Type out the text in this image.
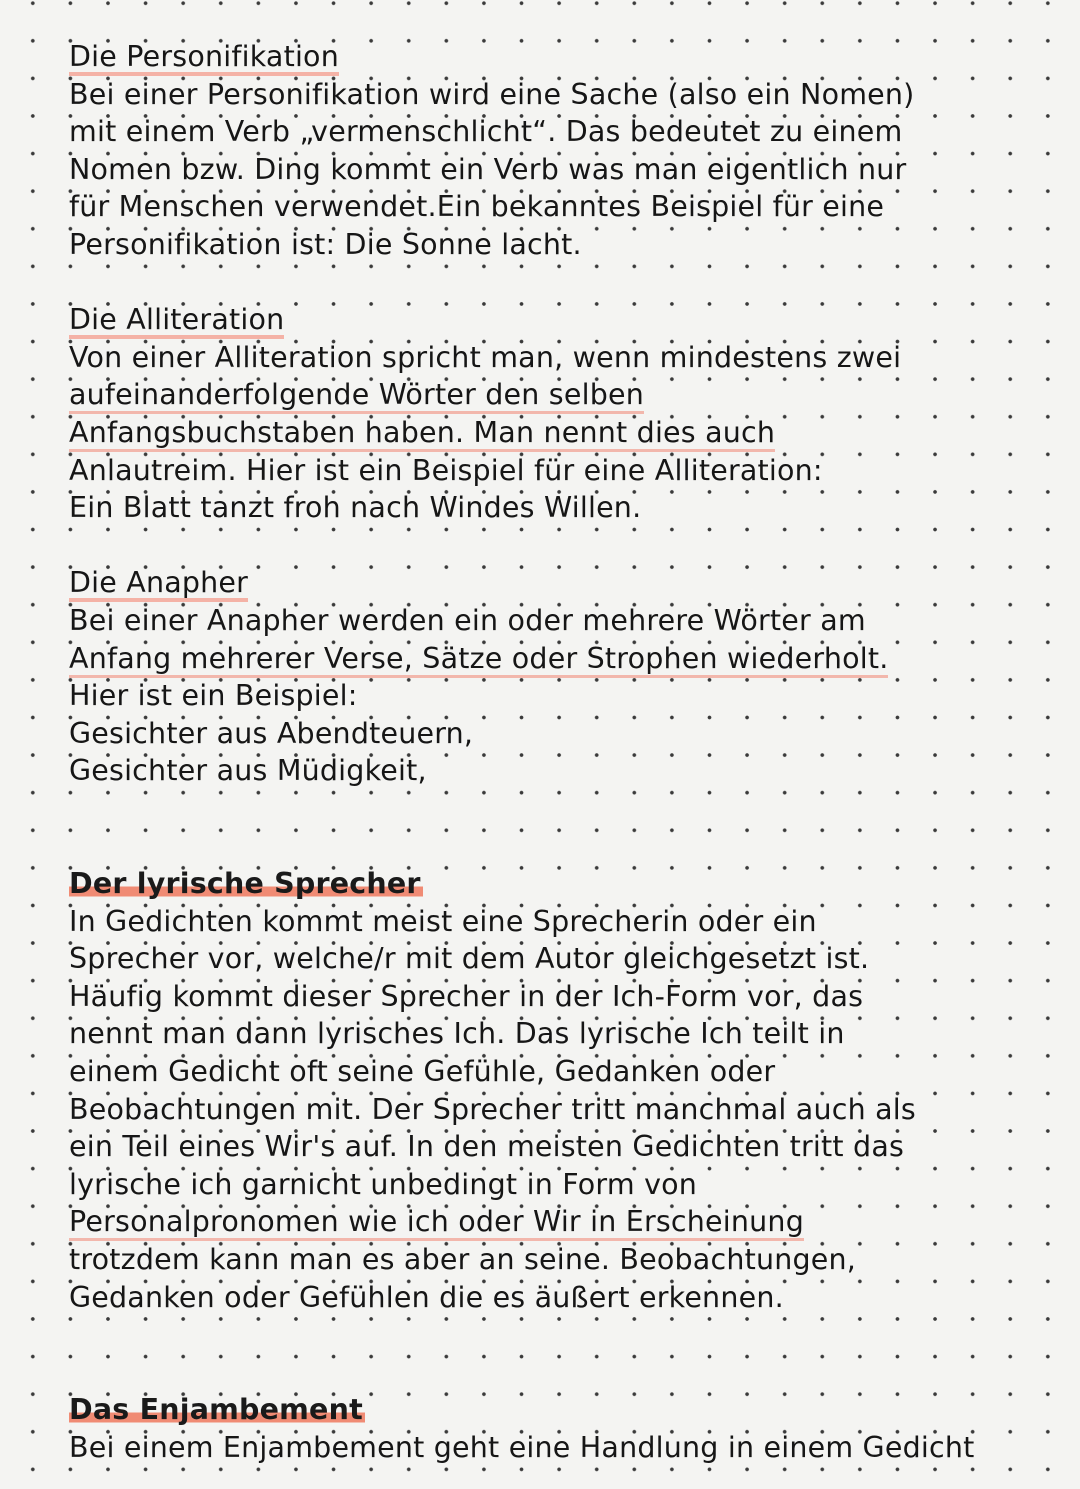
Die Personifikation
Bei einer Personifikation wird eine Sache (also ein Nomen)
mit einem Verb „vermenschlicht“. Das bedeutet zu einem
Nomen bzw. Ding kommt ein Verb was man eigentlich nur
für Menschen verwendet.Ein bekanntes Beispiel für eine
Personifikation ist: Die Sonne lacht.
Die Alliteration
Von einer Alliteration spricht man, wenn mindestens zwei
aufeinanderfolgende Wörter den selben
Anfangsbuchstaben haben. Man nennt dies auch
Anlautreim. Hier ist ein Beispiel für eine Alliteration:
Ein Blatt tanzt froh nach Windes Willen.
Die Anapher
Bei einer Anapher werden ein oder mehrere Wörter am
Anfang mehrerer Verse, Sätze oder Strophen wiederholt.
Hier ist ein Beispiel:
Gesichter aus Abendteuern,
Gesichter aus Müdigkeit,
Der lyrische Sprecher
In Gedichten kommt meist eine Sprecherin oder ein
Sprecher vor, welche/r mit dem Autor gleichgesetzt ist.
Häufig kommt dieser Sprecher in der Ich-Form vor, das
nennt man dann lyrisches Ich. Das lyrische Ich teilt in
einem Gedicht oft seine Gefühle, Gedanken oder
Beobachtungen mit. Der Sprecher tritt manchmal auch als
ein Teil eines Wir's auf. In den meisten Gedichten tritt das
lyrische ich garnicht unbedingt in Form von
Personalpronomen wie ich oder Wir in Erscheinung
trotzdem kann man es aber an seine. Beobachtungen,
Gedanken oder Gefühlen die es äußert erkennen.
Das Enjambement
Bei einem Enjambement geht eine Handlung in einem Gedicht
